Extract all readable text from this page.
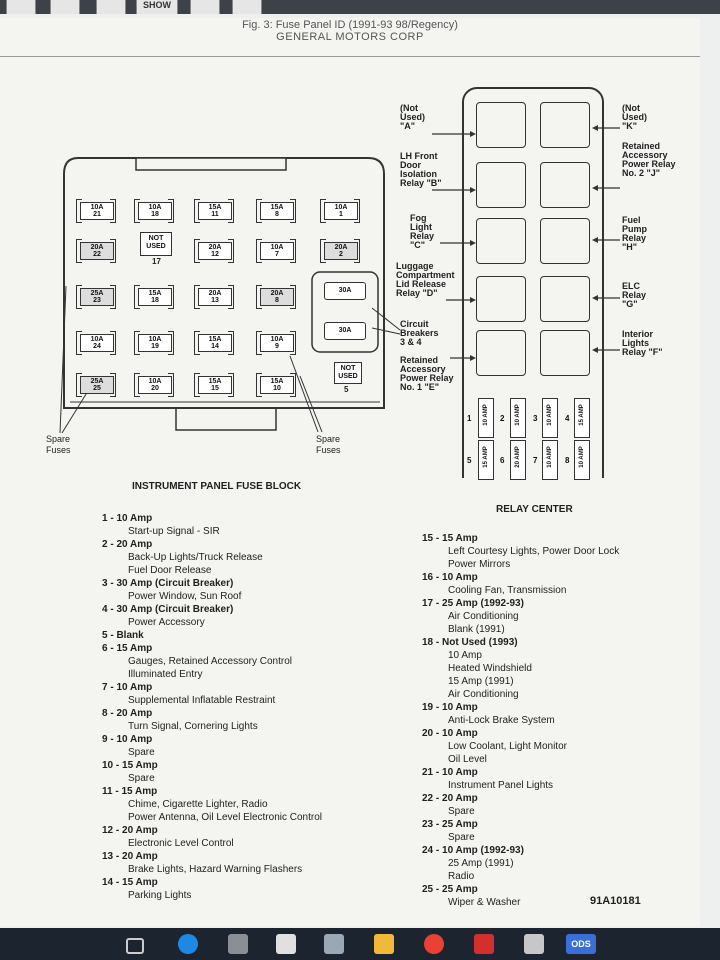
SHOW
Fig. 3: Fuse Panel ID (1991-93 98/Regency)
GENERAL MOTORS CORP
10A
21
10A
18
15A
11
15A
8
10A
1
20A
22
NOT USED
17
20A
12
10A
7
20A
2
25A
23
15A
18
20A
13
20A
8
10A
24
10A
19
15A
14
10A
9
25A
25
10A
20
15A
15
15A
10
30A
30A
NOT USED
5
Spare Fuses
Spare Fuses
INSTRUMENT PANEL FUSE BLOCK
1 10 AMP 2 10 AMP 3 10 AMP 4 15 AMP
5 15 AMP 6 20 AMP 7 10 AMP 8 10 AMP
(Not Used) "A"
LH Front Door Isolation Relay "B"
Fog Light Relay "C"
Luggage Compartment Lid Release Relay "D"
Circuit Breakers 3 & 4
Retained Accessory Power Relay No. 1 "E"
(Not Used) "K"
Retained Accessory Power Relay No. 2 "J"
Fuel Pump Relay "H"
ELC Relay "G"
Interior Lights Relay "F"
RELAY CENTER
1 - 10 Amp
Start-up Signal - SIR
2 - 20 Amp
Back-Up Lights/Truck Release
Fuel Door Release
3 - 30 Amp (Circuit Breaker)
Power Window, Sun Roof
4 - 30 Amp (Circuit Breaker)
Power Accessory
5 - Blank
6 - 15 Amp
Gauges, Retained Accessory Control
Illuminated Entry
7 - 10 Amp
Supplemental Inflatable Restraint
8 - 20 Amp
Turn Signal, Cornering Lights
9 - 10 Amp
Spare
10 - 15 Amp
Spare
11 - 15 Amp
Chime, Cigarette Lighter, Radio
Power Antenna, Oil Level Electronic Control
12 - 20 Amp
Electronic Level Control
13 - 20 Amp
Brake Lights, Hazard Warning Flashers
14 - 15 Amp
Parking Lights
15 - 15 Amp
Left Courtesy Lights, Power Door Lock
Power Mirrors
16 - 10 Amp
Cooling Fan, Transmission
17 - 25 Amp (1992-93)
Air Conditioning
Blank (1991)
18 - Not Used (1993)
10 Amp
Heated Windshield
15 Amp (1991)
Air Conditioning
19 - 10 Amp
Anti-Lock Brake System
20 - 10 Amp
Low Coolant, Light Monitor
Oil Level
21 - 10 Amp
Instrument Panel Lights
22 - 20 Amp
Spare
23 - 25 Amp
Spare
24 - 10 Amp (1992-93)
25 Amp (1991)
Radio
25 - 25 Amp
Wiper & Washer	91A10181
ODS
